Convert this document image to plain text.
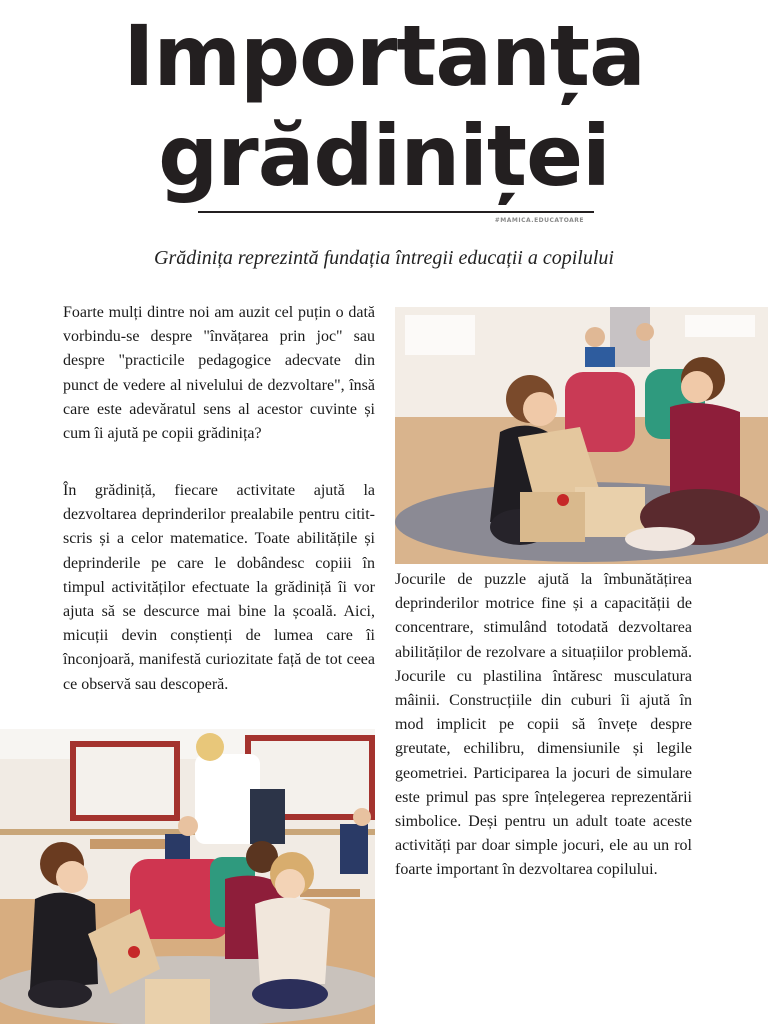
Importanța
grădiniței
#MAMICA.EDUCATOARE
Grădinița reprezintă fundația întregii educații a copilului

Foarte mulți dintre noi am auzit cel puțin o dată vorbindu-se despre "învățarea prin joc" sau despre "practicile pedagogice adecvate din punct de vedere al nivelului de dezvoltare", însă care este adevăratul sens al acestor cuvinte și cum îi ajută pe copii grădinița?

În grădiniță, fiecare activitate ajută la dezvoltarea deprinderilor prealabile pentru citit-scris și a celor matematice. Toate abilitățile și deprinderile pe care le dobândesc copiii în timpul activităților efectuate la grădiniță îi vor ajuta să se descurce mai bine la școală. Aici, micuții devin conștienți de lumea care îi înconjoară, manifestă curiozitate față de tot ceea ce observă sau descoperă.

Jocurile de puzzle ajută la îmbunătățirea deprinderilor motrice fine și a capacității de concentrare, stimulând totodată dezvoltarea abilităților de rezolvare a situațiilor problemă. Jocurile cu plastilina întăresc musculatura mâinii. Construcțiile din cuburi îi ajută în mod implicit pe copii să învețe despre greutate, echilibru, dimensiunile și legile geometriei. Participarea la jocuri de simulare este primul pas spre înțelegerea reprezentării simbolice. Deși pentru un adult toate aceste activități par doar simple jocuri, ele au un rol foarte important în dezvoltarea copilului.
